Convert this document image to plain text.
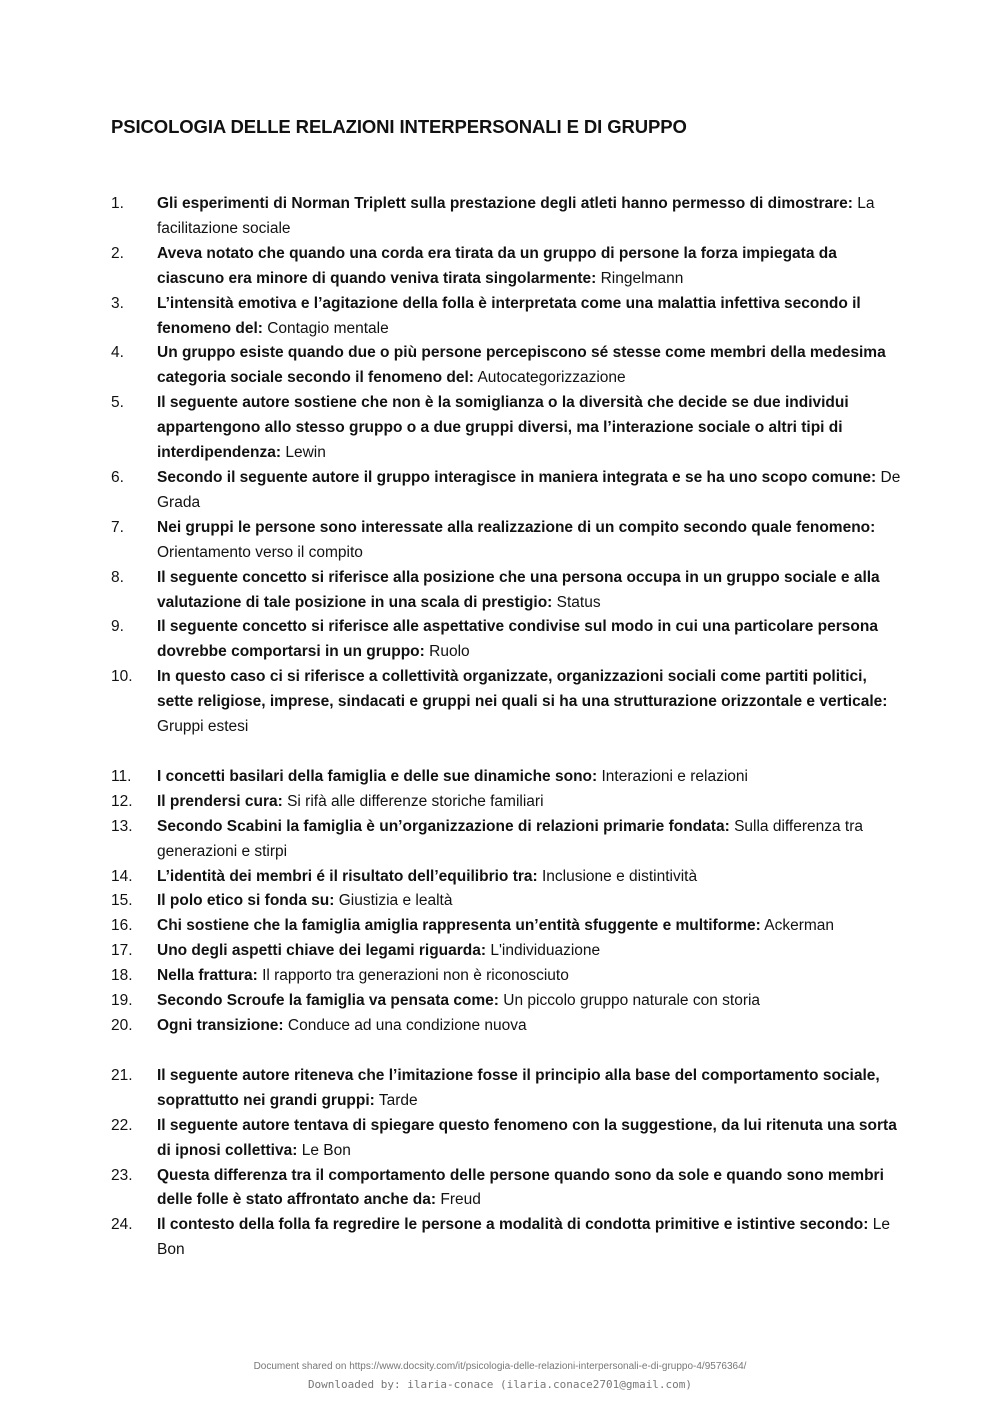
PSICOLOGIA DELLE RELAZIONI INTERPERSONALI E DI GRUPPO
1. Gli esperimenti di Norman Triplett sulla prestazione degli atleti hanno permesso di dimostrare: La facilitazione sociale
2. Aveva notato che quando una corda era tirata da un gruppo di persone la forza impiegata da ciascuno era minore di quando veniva tirata singolarmente: Ringelmann
3. L’intensità emotiva e l’agitazione della folla è interpretata come una malattia infettiva secondo il fenomeno del: Contagio mentale
4. Un gruppo esiste quando due o più persone percepiscono sé stesse come membri della medesima categoria sociale secondo il fenomeno del: Autocategorizzazione
5. Il seguente autore sostiene che non è la somiglianza o la diversità che decide se due individui appartengono allo stesso gruppo o a due gruppi diversi, ma l’interazione sociale o altri tipi di interdipendenza: Lewin
6. Secondo il seguente autore il gruppo interagisce in maniera integrata e se ha uno scopo comune: De Grada
7. Nei gruppi le persone sono interessate alla realizzazione di un compito secondo quale fenomeno: Orientamento verso il compito
8. Il seguente concetto si riferisce alla posizione che una persona occupa in un gruppo sociale e alla valutazione di tale posizione in una scala di prestigio: Status
9. Il seguente concetto si riferisce alle aspettative condivise sul modo in cui una particolare persona dovrebbe comportarsi in un gruppo: Ruolo
10. In questo caso ci si riferisce a collettività organizzate, organizzazioni sociali come partiti politici, sette religiose, imprese, sindacati e gruppi nei quali si ha una strutturazione orizzontale e verticale: Gruppi estesi
11. I concetti basilari della famiglia e delle sue dinamiche sono: Interazioni e relazioni
12. Il prendersi cura: Si rifà alle differenze storiche familiari
13. Secondo Scabini la famiglia è un’organizzazione di relazioni primarie fondata: Sulla differenza tra generazioni e stirpi
14. L’identità dei membri é il risultato dell’equilibrio tra: Inclusione e distintività
15. Il polo etico si fonda su: Giustizia e lealtà
16. Chi sostiene che la famiglia amiglia rappresenta un’entità sfuggente e multiforme: Ackerman
17. Uno degli aspetti chiave dei legami riguarda: L'individuazione
18. Nella frattura: Il rapporto tra generazioni non è riconosciuto
19. Secondo Scroufe la famiglia va pensata come: Un piccolo gruppo naturale con storia
20. Ogni transizione: Conduce ad una condizione nuova
21. Il seguente autore riteneva che l’imitazione fosse il principio alla base del comportamento sociale, soprattutto nei grandi gruppi: Tarde
22. Il seguente autore tentava di spiegare questo fenomeno con la suggestione, da lui ritenuta una sorta di ipnosi collettiva: Le Bon
23. Questa differenza tra il comportamento delle persone quando sono da sole e quando sono membri delle folle è stato affrontato anche da: Freud
24. Il contesto della folla fa regredire le persone a modalità di condotta primitive e istintive secondo: Le Bon
Document shared on https://www.docsity.com/it/psicologia-delle-relazioni-interpersonali-e-di-gruppo-4/9576364/
Downloaded by: ilaria-conace (ilaria.conace2701@gmail.com)
